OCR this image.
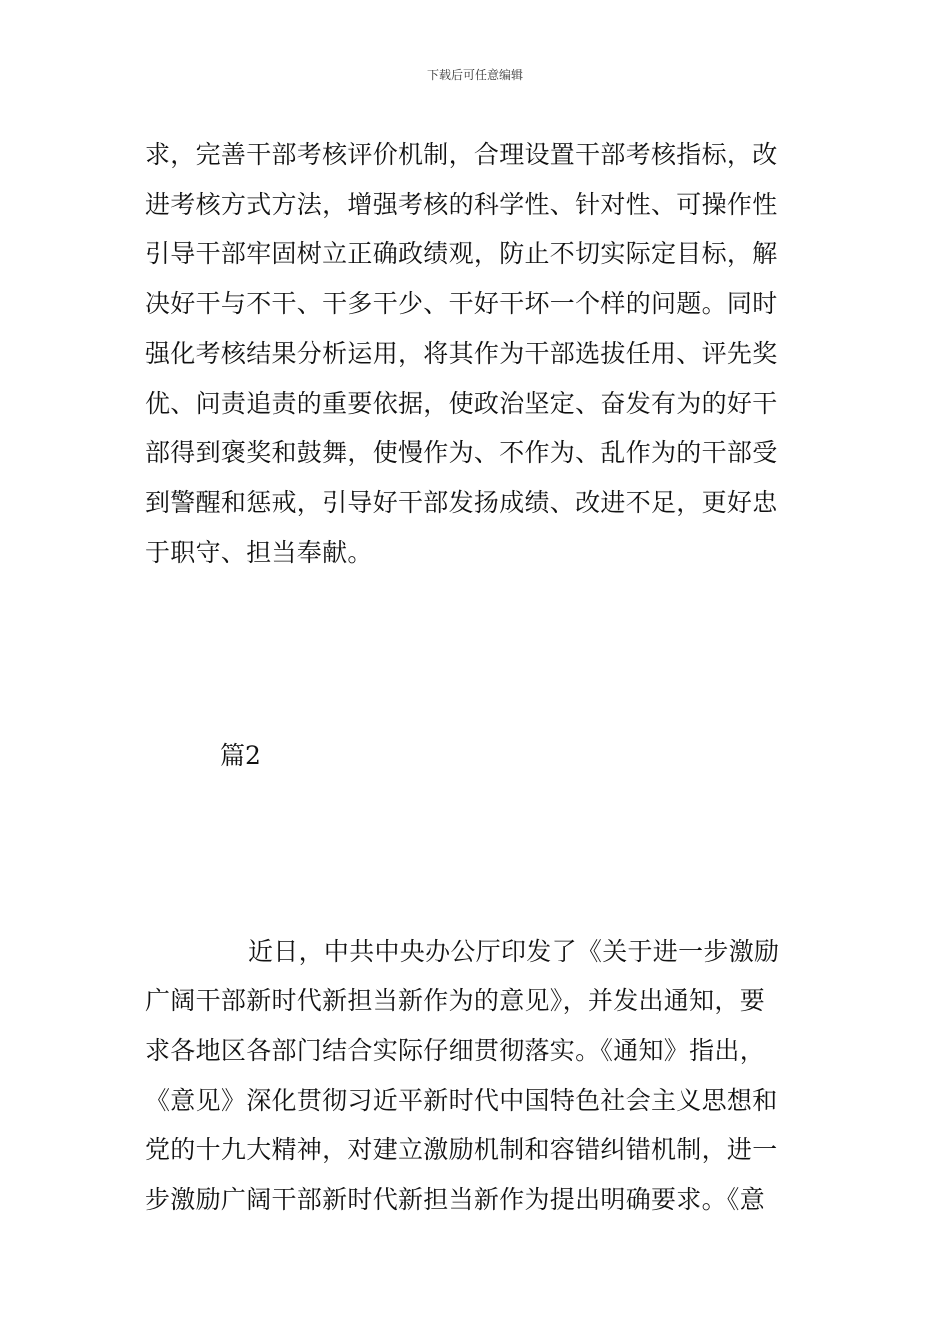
下载后可任意编辑
求，完善干部考核评价机制，合理设置干部考核指标，改
进考核方式方法，增强考核的科学性、针对性、可操作性
引导干部牢固树立正确政绩观，防止不切实际定目标，解
决好干与不干、干多干少、干好干坏一个样的问题。同时
强化考核结果分析运用，将其作为干部选拔任用、评先奖
优、问责追责的重要依据，使政治坚定、奋发有为的好干
部得到褒奖和鼓舞，使慢作为、不作为、乱作为的干部受
到警醒和惩戒，引导好干部发扬成绩、改进不足，更好忠
于职守、担当奉献。
篇2
近日，中共中央办公厅印发了《关于进一步激励
广阔干部新时代新担当新作为的意见》，并发出通知，要
求各地区各部门结合实际仔细贯彻落实。《通知》指出，
《意见》深化贯彻习近平新时代中国特色社会主义思想和
党的十九大精神，对建立激励机制和容错纠错机制，进一
步激励广阔干部新时代新担当新作为提出明确要求。《意
